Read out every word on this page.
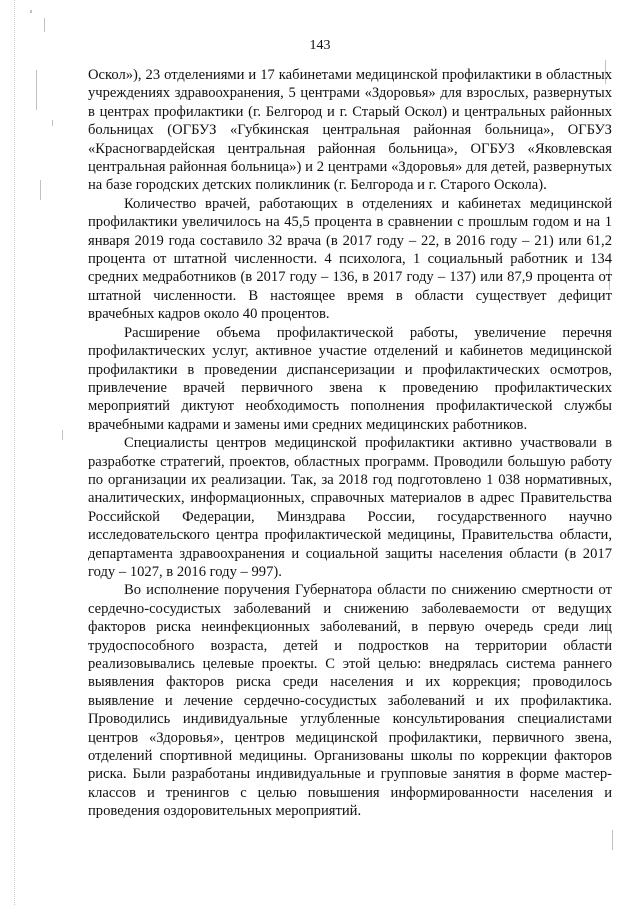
143

Оскол»), 23 отделениями и 17 кабинетами медицинской профилактики в областных учреждениях здравоохранения, 5 центрами «Здоровья» для взрослых, развернутых в центрах профилактики (г. Белгород и г. Старый Оскол) и центральных районных больницах (ОГБУЗ «Губкинская центральная районная больница», ОГБУЗ «Красногвардейская центральная районная больница», ОГБУЗ «Яковлевская центральная районная больница») и 2 центрами «Здоровья» для детей, развернутых на базе городских детских поликлиник (г. Белгорода и г. Старого Оскола).

Количество врачей, работающих в отделениях и кабинетах медицинской профилактики увеличилось на 45,5 процента в сравнении с прошлым годом и на 1 января 2019 года составило 32 врача (в 2017 году – 22, в 2016 году – 21) или 61,2 процента от штатной численности. 4 психолога, 1 социальный работник и 134 средних медработников (в 2017 году – 136, в 2017 году – 137) или 87,9 процента от штатной численности. В настоящее время в области существует дефицит врачебных кадров около 40 процентов.

Расширение объема профилактической работы, увеличение перечня профилактических услуг, активное участие отделений и кабинетов медицинской профилактики в проведении диспансеризации и профилактических осмотров, привлечение врачей первичного звена к проведению профилактических мероприятий диктуют необходимость пополнения профилактической службы врачебными кадрами и замены ими средних медицинских работников.

Специалисты центров медицинской профилактики активно участвовали в разработке стратегий, проектов, областных программ. Проводили большую работу по организации их реализации. Так, за 2018 год подготовлено 1 038 нормативных, аналитических, информационных, справочных материалов в адрес Правительства Российской Федерации, Минздрава России, государственного научно исследовательского центра профилактической медицины, Правительства области, департамента здравоохранения и социальной защиты населения области (в 2017 году – 1027, в 2016 году – 997).

Во исполнение поручения Губернатора области по снижению смертности от сердечно-сосудистых заболеваний и снижению заболеваемости от ведущих факторов риска неинфекционных заболеваний, в первую очередь среди лиц трудоспособного возраста, детей и подростков на территории области реализовывались целевые проекты. С этой целью: внедрялась система раннего выявления факторов риска среди населения и их коррекция; проводилось выявление и лечение сердечно-сосудистых заболеваний и их профилактика. Проводились индивидуальные углубленные консультирования специалистами центров «Здоровья», центров медицинской профилактики, первичного звена, отделений спортивной медицины. Организованы школы по коррекции факторов риска. Были разработаны индивидуальные и групповые занятия в форме мастер-классов и тренингов с целью повышения информированности населения и проведения оздоровительных мероприятий.
